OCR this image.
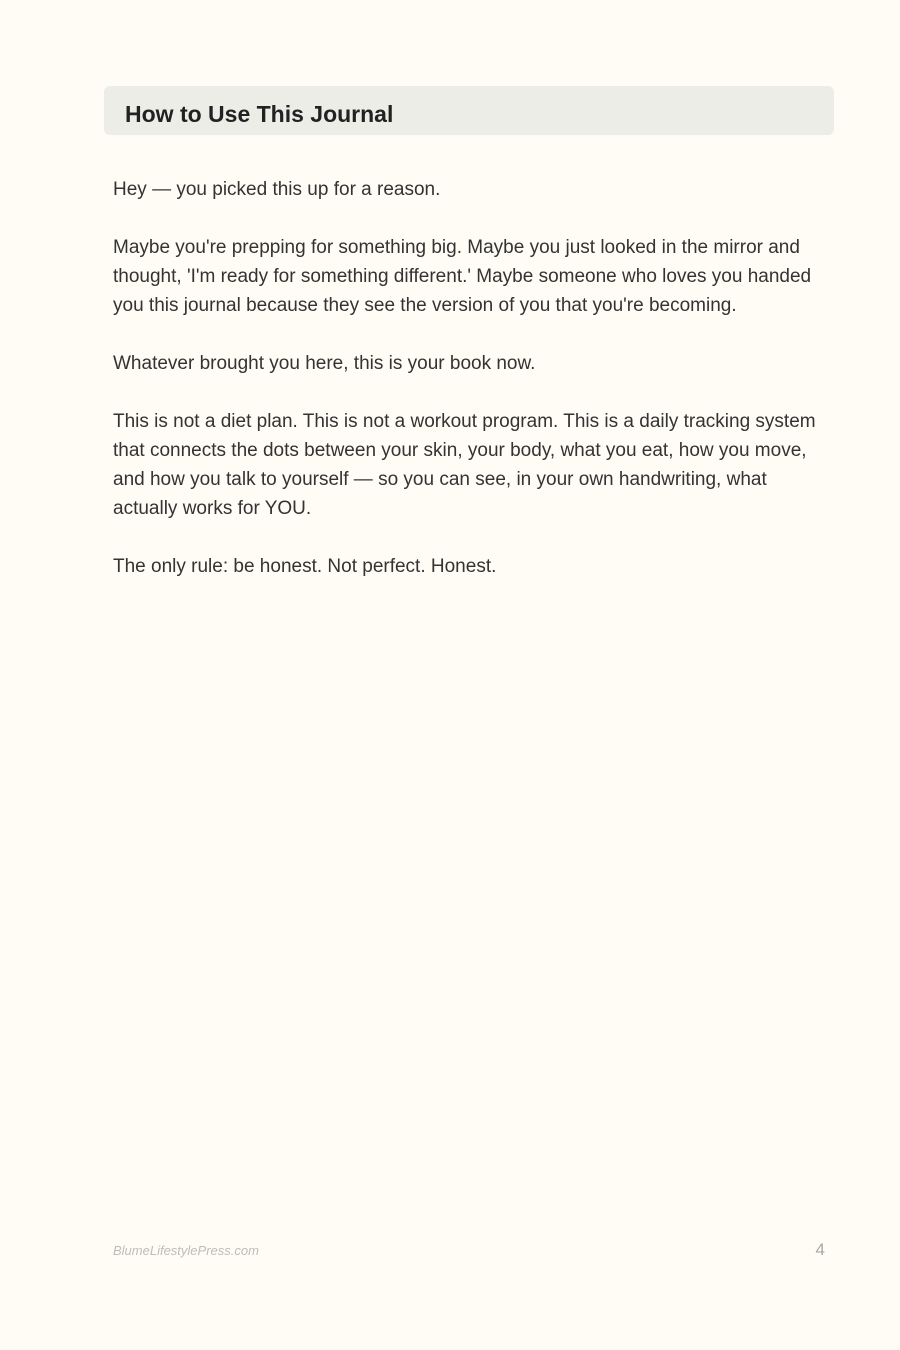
How to Use This Journal

Hey — you picked this up for a reason.

Maybe you're prepping for something big. Maybe you just looked in the mirror and thought, 'I'm ready for something different.' Maybe someone who loves you handed you this journal because they see the version of you that you're becoming.

Whatever brought you here, this is your book now.

This is not a diet plan. This is not a workout program. This is a daily tracking system that connects the dots between your skin, your body, what you eat, how you move, and how you talk to yourself — so you can see, in your own handwriting, what actually works for YOU.

The only rule: be honest. Not perfect. Honest.

BlumeLifestylePress.com	4
